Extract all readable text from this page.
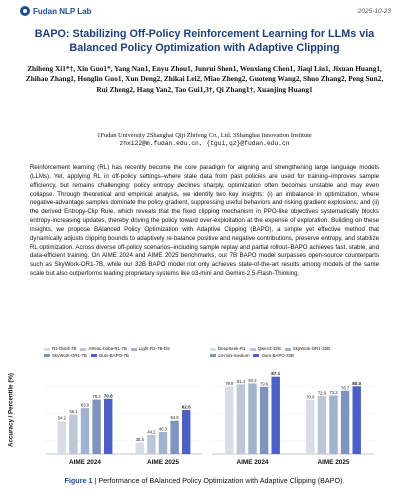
Fudan NLP Lab	2025-10-23
BAPO: Stabilizing Off-Policy Reinforcement Learning for LLMs via Balanced Policy Optimization with Adaptive Clipping
Zhiheng Xi1*†, Xin Guo1*, Yang Nan1, Enyu Zhou1, Junrui Shen1, Wenxiang Chen1, Jiaqi Liu1, Jixuan Huang1, Zhihao Zhang1, Honglin Guo1, Xun Deng2, Zhikai Lei2, Miao Zheng2, Guoteng Wang2, Shuo Zhang2, Peng Sun2, Rui Zheng2, Hang Yan2, Tao Gui1,3†, Qi Zhang1†, Xuanjing Huang1
1Fudan University 2Shanghai Qiji Zhifeng Co., Ltd. 3Shanghai Innovation Institute
zhxi22@m.fudan.edu.cn, {tgui,qz}@fudan.edu.cn
Reinforcement learning (RL) has recently become the core paradigm for aligning and strengthening large language models (LLMs). Yet, applying RL in off-policy settings–where stale data from past policies are used for training–improves sample efficiency, but remains challenging: policy entropy declines sharply, optimization often becomes unstable and may even collapse. Through theoretical and empirical analysis, we identify two key insights: (i) an imbalance in optimization, where negative-advantage samples dominate the policy gradient, suppressing useful behaviors and risking gradient explosions; and (ii) the derived Entropy-Clip Rule, which reveals that the fixed clipping mechanism in PPO-like objectives systematically blocks entropy-increasing updates, thereby driving the policy toward over-exploitation at the expense of exploration. Building on these insights, we propose BAlanced Policy Optimization with Adaptive Clipping (BAPO), a simple yet effective method that dynamically adjusts clipping bounds to adaptively re-balance positive and negative contributions, preserve entropy, and stabilize RL optimization. Across diverse off-policy scenarios–including sample replay and partial rollout–BAPO achieves fast, stable, and data-efficient training. On AIME 2024 and AIME 2025 benchmarks, our 7B BAPO model surpasses open-source counterparts such as SkyWork-OR1-7B, while our 32B BAPO model not only achieves state-of-the-art results among models of the same scale but also outperforms leading proprietary systems like o3-mini and Gemini-2.5-Flash-Thinking.
Accuracy / Percentile (%)
R1-Distill-7B	AReaL-boba-RL-7B	Light-R1-7B-DS
SkyWork-OR1-7B	Ours-BAPO-7B
DeepSeek-R1	Qwen3-32B	SkyWork-OR1-32B
o3-mini-medium	Ours-BAPO-32B
54.2
59.1
63.9
70.2 70.8
AIME 2024
38.4
44.2
46.3
54.6
62.5
AIME 2025
79.8 81.4 82.2
79.6
87.1
AIME 2024
70.0
72.9 73.3
76.7
80.0
AIME 2025
Figure 1 | Performance of BAlanced Policy Optimization with Adaptive Clipping (BAPO).
